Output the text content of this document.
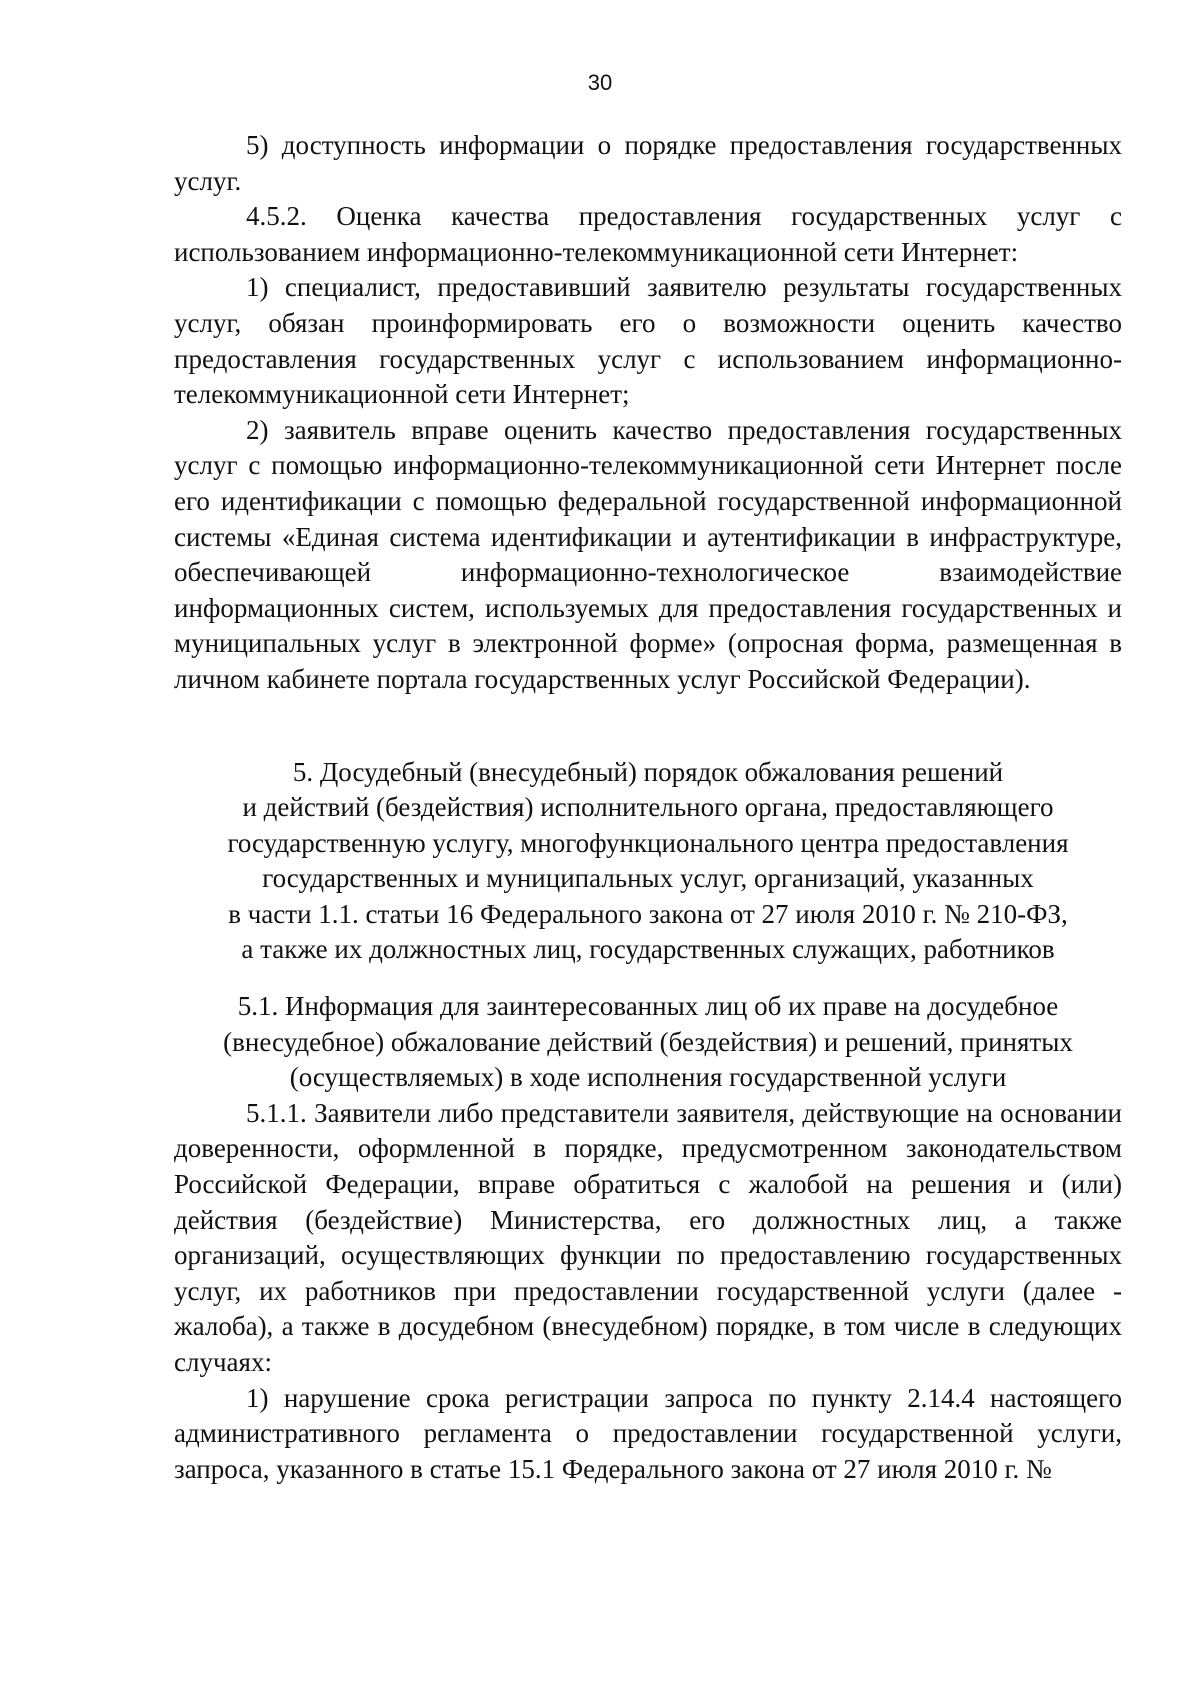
30

5) доступность информации о порядке предоставления государственных услуг.

4.5.2. Оценка качества предоставления государственных услуг с использованием информационно-телекоммуникационной сети Интернет:

1) специалист, предоставивший заявителю результаты государственных услуг, обязан проинформировать его о возможности оценить качество предоставления государственных услуг с использованием информационно-телекоммуникационной сети Интернет;

2) заявитель вправе оценить качество предоставления государственных услуг с помощью информационно-телекоммуникационной сети Интернет после его идентификации с помощью федеральной государственной информационной системы «Единая система идентификации и аутентификации в инфраструктуре, обеспечивающей информационно-технологическое взаимодействие информационных систем, используемых для предоставления государственных и муниципальных услуг в электронной форме» (опросная форма, размещенная в личном кабинете портала государственных услуг Российской Федерации).

5. Досудебный (внесудебный) порядок обжалования решений
и действий (бездействия) исполнительного органа, предоставляющего
государственную услугу, многофункционального центра предоставления
государственных и муниципальных услуг, организаций, указанных
в части 1.1. статьи 16 Федерального закона от 27 июля 2010 г. № 210-ФЗ,
а также их должностных лиц, государственных служащих, работников
5.1. Информация для заинтересованных лиц об их праве на досудебное
(внесудебное) обжалование действий (бездействия) и решений, принятых
(осуществляемых) в ходе исполнения государственной услуги

5.1.1. Заявители либо представители заявителя, действующие на основании доверенности, оформленной в порядке, предусмотренном законодательством Российской Федерации, вправе обратиться с жалобой на решения и (или) действия (бездействие) Министерства, его должностных лиц, а также организаций, осуществляющих функции по предоставлению государственных услуг, их работников при предоставлении государственной услуги (далее - жалоба), а также в досудебном (внесудебном) порядке, в том числе в следующих случаях:

1) нарушение срока регистрации запроса по пункту 2.14.4 настоящего административного регламента о предоставлении государственной услуги, запроса, указанного в статье 15.1 Федерального закона от 27 июля 2010 г. №
